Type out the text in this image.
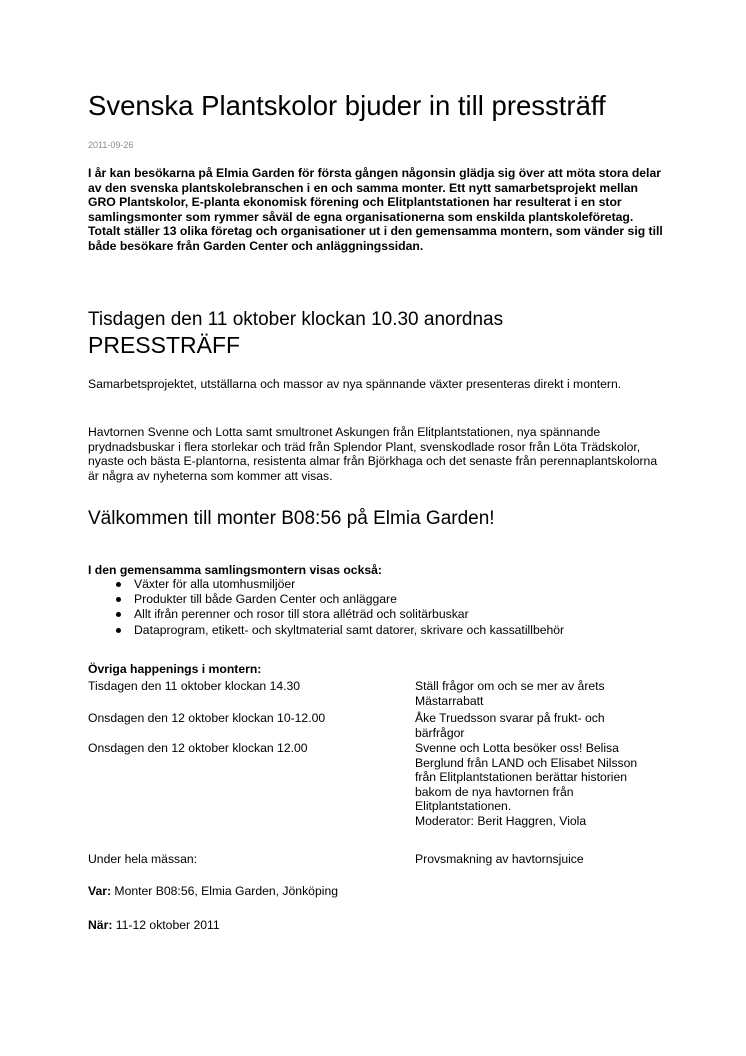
Svenska Plantskolor bjuder in till pressträff
2011-09-26

I år kan besökarna på Elmia Garden för första gången någonsin glädja sig över att möta stora delar av den svenska plantskolebranschen i en och samma monter. Ett nytt samarbetsprojekt mellan GRO Plantskolor, E-planta ekonomisk förening och Elitplantstationen har resulterat i en stor samlingsmonter som rymmer såväl de egna organisationerna som enskilda plantskoleföretag. Totalt ställer 13 olika företag och organisationer ut i den gemensamma montern, som vänder sig till både besökare från Garden Center och anläggningssidan.

Tisdagen den 11 oktober klockan 10.30 anordnas
PRESSTRÄFF

Samarbetsprojektet, utställarna och massor av nya spännande växter presenteras direkt i montern.

Havtornen Svenne och Lotta samt smultronet Askungen från Elitplantstationen, nya spännande prydnadsbuskar i flera storlekar och träd från Splendor Plant, svenskodlade rosor från Löta Trädskolor, nyaste och bästa E-plantorna, resistenta almar från Björkhaga och det senaste från perennaplantskolorna är några av nyheterna som kommer att visas.

Välkommen till monter B08:56 på Elmia Garden!

I den gemensamma samlingsmontern visas också:

Växter för alla utomhusmiljöer
Produkter till både Garden Center och anläggare
Allt ifrån perenner och rosor till stora alléträd och solitärbuskar
Dataprogram, etikett- och skyltmaterial samt datorer, skrivare och kassatillbehör

Övriga happenings i montern:

Tisdagen den 11 oktober klockan 14.30	Ställ frågor om och se mer av årets Mästarrabatt
Onsdagen den 12 oktober klockan 10-12.00	Åke Truedsson svarar på frukt- och bärfrågor
Onsdagen den 12 oktober klockan 12.00	Svenne och Lotta besöker oss! Belisa Berglund från LAND och Elisabet Nilsson från Elitplantstationen berättar historien bakom de nya havtornen från Elitplantstationen.
Moderator: Berit Haggren, Viola
Under hela mässan:	Provsmakning av havtornsjuice
Var: Monter B08:56, Elmia Garden, Jönköping
När: 11-12 oktober 2011
